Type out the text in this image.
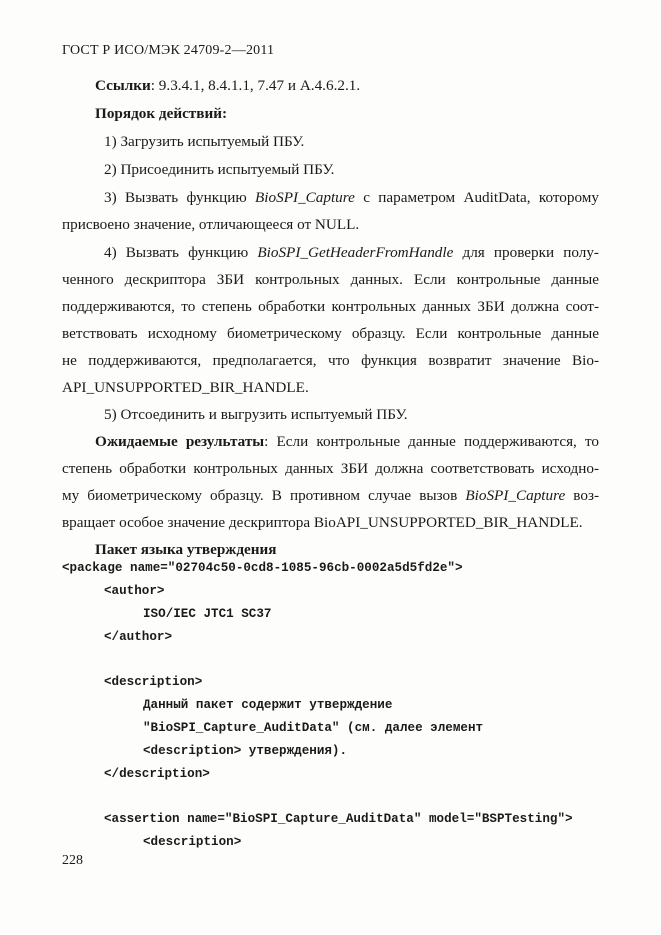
ГОСТ Р ИСО/МЭК 24709-2—2011
Ссылки: 9.3.4.1, 8.4.1.1, 7.47 и А.4.6.2.1.
Порядок действий:
1) Загрузить испытуемый ПБУ.
2) Присоединить испытуемый ПБУ.
3) Вызвать функцию BioSPI_Capture с параметром AuditData, которому
присвоено значение, отличающееся от NULL.
4) Вызвать функцию BioSPI_GetHeaderFromHandle для проверки полу-
ченного дескриптора ЗБИ контрольных данных. Если контрольные данные
поддерживаются, то степень обработки контрольных данных ЗБИ должна соот-
ветствовать исходному биометрическому образцу. Если контрольные данные
не поддерживаются, предполагается, что функция возвратит значение Bio-
API_UNSUPPORTED_BIR_HANDLE.
5) Отсоединить и выгрузить испытуемый ПБУ.
Ожидаемые результаты: Если контрольные данные поддерживаются, то
степень обработки контрольных данных ЗБИ должна соответствовать исходно-
му биометрическому образцу. В противном случае вызов BioSPI_Capture воз-
вращает особое значение дескриптора BioAPI_UNSUPPORTED_BIR_HANDLE.
Пакет языка утверждения
<package name="02704c50-0cd8-1085-96cb-0002a5d5fd2e">
<author>
ISO/IEC JTC1 SC37
</author>
<description>
Данный пакет содержит утверждение
"BioSPI_Capture_AuditData" (см. далее элемент
<description> утверждения).
</description>
<assertion name="BioSPI_Capture_AuditData" model="BSPTesting">
<description>
228
